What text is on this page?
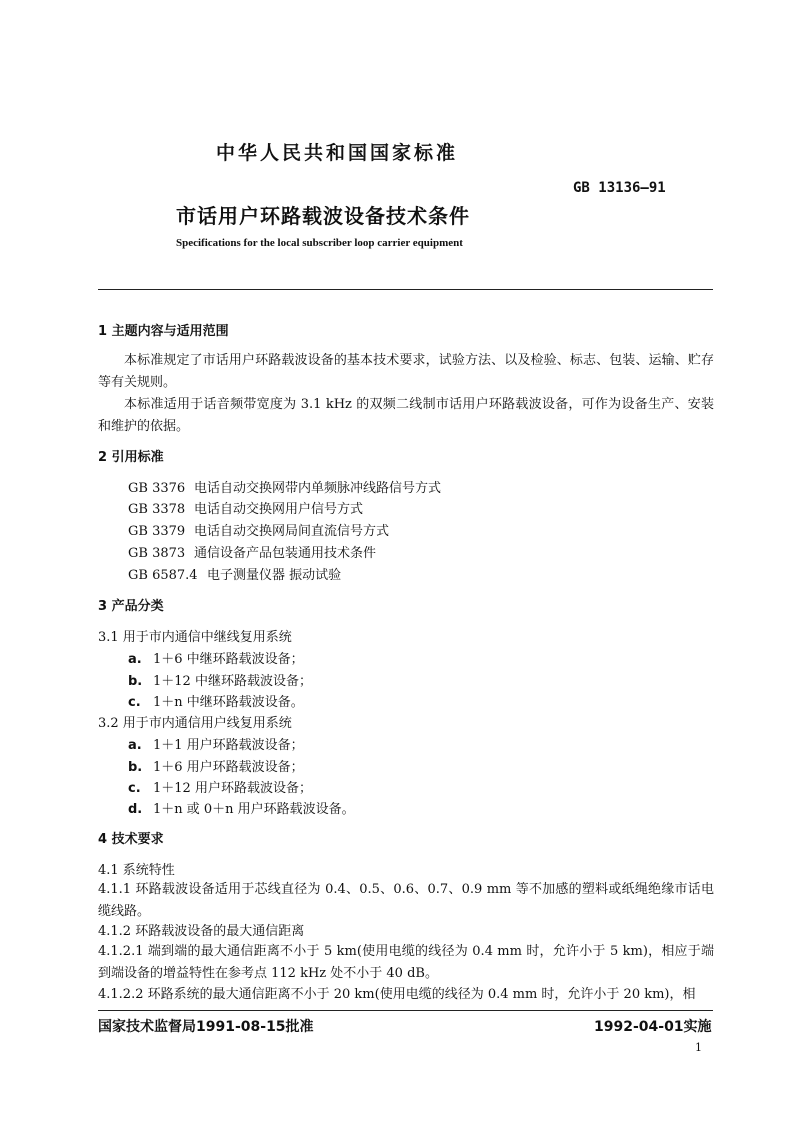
中华人民共和国国家标准
GB 13136—91
市话用户环路载波设备技术条件
Specifications for the local subscriber loop carrier equipment
1 主题内容与适用范围
本标准规定了市话用户环路载波设备的基本技术要求，试验方法、以及检验、标志、包装、运输、贮存等有关规则。
本标准适用于话音频带宽度为 3.1 kHz 的双频二线制市话用户环路载波设备，可作为设备生产、安装和维护的依据。
2 引用标准
GB 3376 电话自动交换网带内单频脉冲线路信号方式
GB 3378 电话自动交换网用户信号方式
GB 3379 电话自动交换网局间直流信号方式
GB 3873 通信设备产品包装通用技术条件
GB 6587.4 电子测量仪器 振动试验
3 产品分类
3.1 用于市内通信中继线复用系统
a. 1＋6 中继环路载波设备；
b. 1＋12 中继环路载波设备；
c. 1＋n 中继环路载波设备。
3.2 用于市内通信用户线复用系统
a. 1＋1 用户环路载波设备；
b. 1＋6 用户环路载波设备；
c. 1＋12 用户环路载波设备；
d. 1＋n 或 0＋n 用户环路载波设备。
4 技术要求
4.1 系统特性
4.1.1 环路载波设备适用于芯线直径为 0.4、0.5、0.6、0.7、0.9 mm 等不加感的塑料或纸绳绝缘市话电缆线路。
4.1.2 环路载波设备的最大通信距离
4.1.2.1 端到端的最大通信距离不小于 5 km(使用电缆的线径为 0.4 mm 时，允许小于 5 km)，相应于端到端设备的增益特性在参考点 112 kHz 处不小于 40 dB。
4.1.2.2 环路系统的最大通信距离不小于 20 km(使用电缆的线径为 0.4 mm 时，允许小于 20 km)，相
国家技术监督局1991-08-15批准	1992-04-01实施
1
